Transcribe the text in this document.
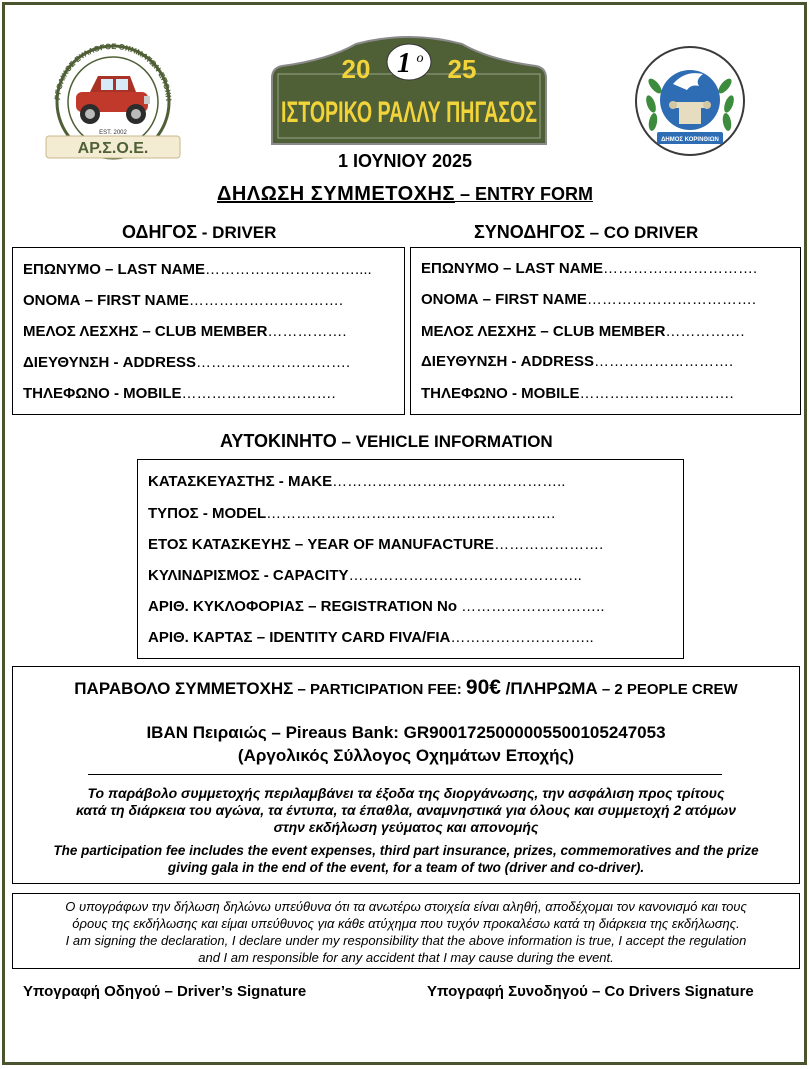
ΡΓΟΛΙΚΟΣ ΣΥΛΛΟΓΟΣ ΟΧΗΜΑΤΩΝ ΕΠΟΧΗ
EST. 2002
ΑΡ.Σ.Ο.Ε.
20 1 ο 25
ΙΣΤΟΡΙΚΟ ΡΑΛΛΥ ΠΗΓΑΣΟΣ
ΔΗΜΟΣ ΚΟΡΙΝΘΙΩΝ
1 ΙΟΥΝΙΟΥ 2025
ΔΗΛΩΣΗ ΣΥΜΜΕΤΟΧΗΣ – ENTRY FORM
ΟΔΗΓΟΣ - DRIVER
ΕΠΩΝΥΜΟ – LAST NAME…………………………....
ΟΝΟΜΑ – FIRST NAME………………………….
ΜΕΛΟΣ ΛΕΣΧΗΣ – CLUB MEMBER…………….
ΔΙΕΥΘΥΝΣΗ - ADDRESS………………………….
ΤΗΛΕΦΩΝΟ - MOBILE………………………….
ΣΥΝΟΔΗΓΟΣ – CO DRIVER
ΕΠΩΝΥΜΟ – LAST NAME………………………….
ΟΝΟΜΑ – FIRST NAME…………………………….
ΜΕΛΟΣ ΛΕΣΧΗΣ – CLUB MEMBER…………….
ΔΙΕΥΘΥΝΣΗ - ADDRESS……………………….
ΤΗΛΕΦΩΝΟ - MOBILE………………………….
ΑΥΤΟΚΙΝΗΤΟ – VEHICLE INFORMATION
ΚΑΤΑΣΚΕΥΑΣΤΗΣ - MAKE………………………………………..
ΤΥΠΟΣ - MODEL………………………………………………….
ΕΤΟΣ ΚΑΤΑΣΚΕΥΗΣ – YEAR OF MANUFACTURE………………….
ΚΥΛΙΝΔΡΙΣΜΟΣ - CAPACITY………………………………………..
ΑΡΙΘ. ΚΥΚΛΟΦΟΡΙΑΣ – REGISTRATION No ………………………..
ΑΡΙΘ. ΚΑΡΤΑΣ – IDENTITY CARD FIVA/FIA………………………..
ΠΑΡΑΒΟΛΟ ΣΥΜΜΕΤΟΧΗΣ – PARTICIPATION FEE: 90€ /ΠΛΗΡΩΜΑ – 2 PEOPLE CREW
IBAN Πειραιώς – Pireaus Bank: GR9001725000005500105247053
(Αργολικός Σύλλογος Οχημάτων Εποχής)
Το παράβολο συμμετοχής περιλαμβάνει τα έξοδα της διοργάνωσης, την ασφάλιση προς τρίτους
κατά τη διάρκεια του αγώνα, τα έντυπα, τα έπαθλα, αναμνηστικά για όλους και συμμετοχή 2 ατόμων
στην εκδήλωση γεύματος και απονομής
The participation fee includes the event expenses, third part insurance, prizes, commemoratives and the prize
giving gala in the end of the event, for a team of two (driver and co-driver).
Ο υπογράφων την δήλωση δηλώνω υπεύθυνα ότι τα ανωτέρω στοιχεία είναι αληθή, αποδέχομαι τον κανονισμό και τους
όρους της εκδήλωσης και είμαι υπεύθυνος για κάθε ατύχημα που τυχόν προκαλέσω κατά τη διάρκεια της εκδήλωσης.
I am signing the declaration, I declare under my responsibility that the above information is true, I accept the regulation
and I am responsible for any accident that I may cause during the event.
Υπογραφή Οδηγού – Driver’s Signature	Υπογραφή Συνοδηγού – Co Drivers Signature
